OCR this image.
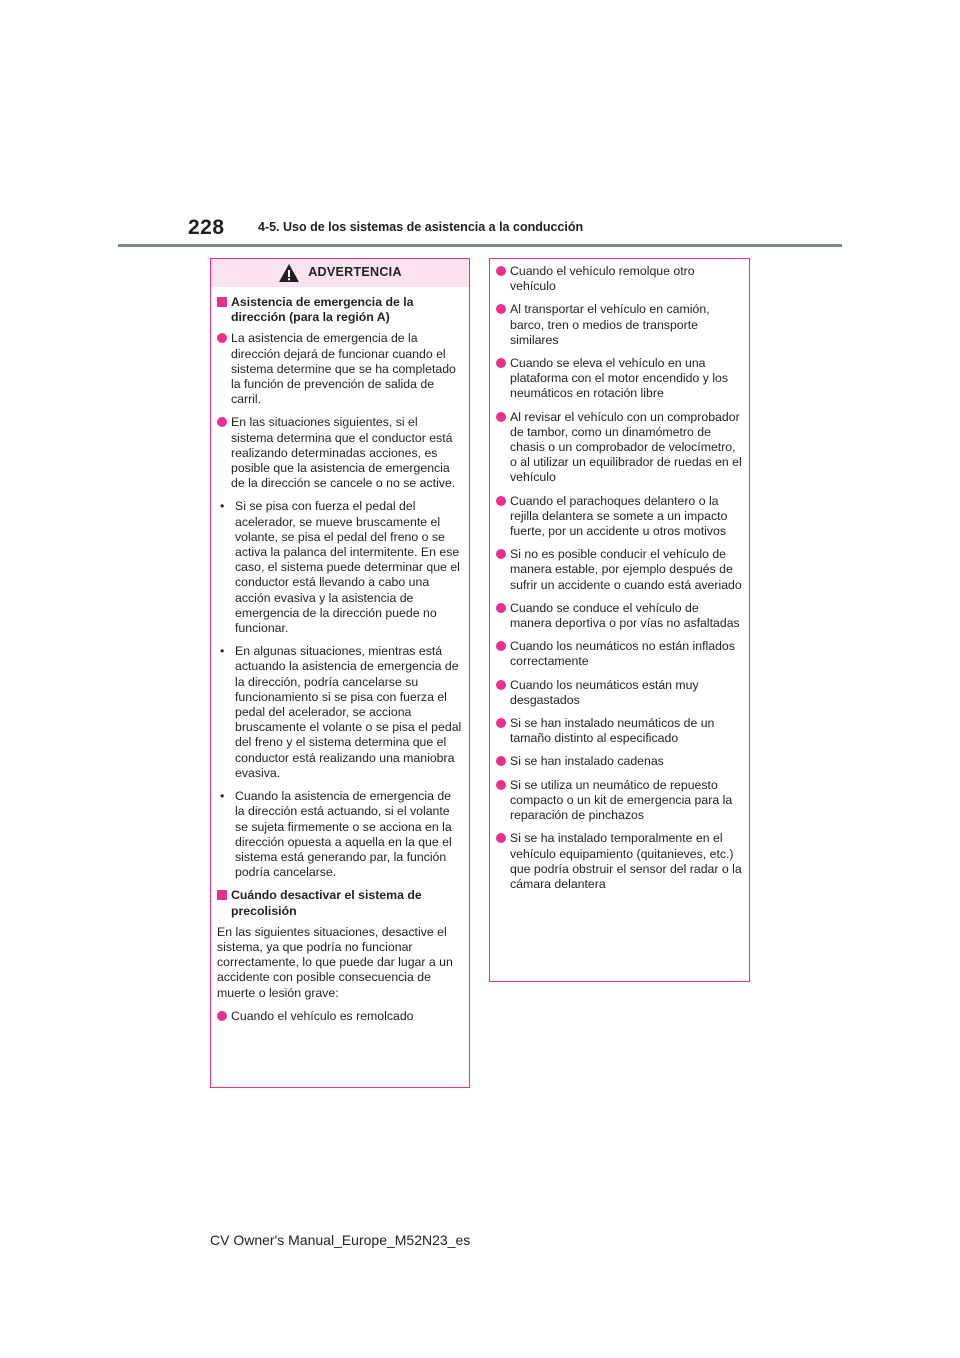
228	4-5. Uso de los sistemas de asistencia a la conducción
ADVERTENCIA
Asistencia de emergencia de la dirección (para la región A)
La asistencia de emergencia de la dirección dejará de funcionar cuando el sistema determine que se ha completado la función de prevención de salida de carril.
En las situaciones siguientes, si el sistema determina que el conductor está realizando determinadas acciones, es posible que la asistencia de emergencia de la dirección se cancele o no se active.
• Si se pisa con fuerza el pedal del acelerador, se mueve bruscamente el volante, se pisa el pedal del freno o se activa la palanca del intermitente. En ese caso, el sistema puede determinar que el conductor está llevando a cabo una acción evasiva y la asistencia de emergencia de la dirección puede no funcionar.
• En algunas situaciones, mientras está actuando la asistencia de emergencia de la dirección, podría cancelarse su funcionamiento si se pisa con fuerza el pedal del acelerador, se acciona bruscamente el volante o se pisa el pedal del freno y el sistema determina que el conductor está realizando una maniobra evasiva.
• Cuando la asistencia de emergencia de la dirección está actuando, si el volante se sujeta firmemente o se acciona en la dirección opuesta a aquella en la que el sistema está generando par, la función podría cancelarse.
Cuándo desactivar el sistema de precolisión
En las siguientes situaciones, desactive el sistema, ya que podría no funcionar correctamente, lo que puede dar lugar a un accidente con posible consecuencia de muerte o lesión grave:
Cuando el vehículo es remolcado
Cuando el vehículo remolque otro vehículo
Al transportar el vehículo en camión, barco, tren o medios de transporte similares
Cuando se eleva el vehículo en una plataforma con el motor encendido y los neumáticos en rotación libre
Al revisar el vehículo con un comprobador de tambor, como un dinamómetro de chasis o un comprobador de velocímetro, o al utilizar un equilibrador de ruedas en el vehículo
Cuando el parachoques delantero o la rejilla delantera se somete a un impacto fuerte, por un accidente u otros motivos
Si no es posible conducir el vehículo de manera estable, por ejemplo después de sufrir un accidente o cuando está averiado
Cuando se conduce el vehículo de manera deportiva o por vías no asfaltadas
Cuando los neumáticos no están inflados correctamente
Cuando los neumáticos están muy desgastados
Si se han instalado neumáticos de un tamaño distinto al especificado
Si se han instalado cadenas
Si se utiliza un neumático de repuesto compacto o un kit de emergencia para la reparación de pinchazos
Si se ha instalado temporalmente en el vehículo equipamiento (quitanieves, etc.) que podría obstruir el sensor del radar o la cámara delantera
CV Owner's Manual_Europe_M52N23_es
